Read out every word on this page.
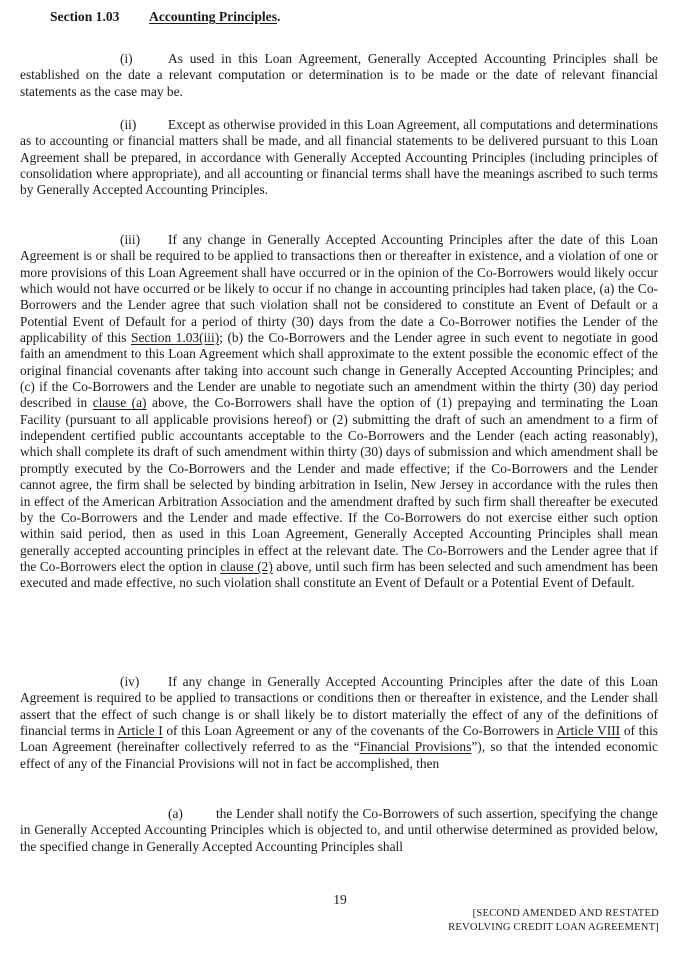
Section 1.03 Accounting Principles.

(i)	As used in this Loan Agreement, Generally Accepted Accounting Principles shall be established on the date a relevant computation or determination is to be made or the date of relevant financial statements as the case may be.

(ii) Except as otherwise provided in this Loan Agreement, all computations and determinations as to accounting or financial matters shall be made, and all financial statements to be delivered pursuant to this Loan Agreement shall be prepared, in accordance with Generally Accepted Accounting Principles (including principles of consolidation where appropriate), and all accounting or financial terms shall have the meanings ascribed to such terms by Generally Accepted Accounting Principles.

(iii) If any change in Generally Accepted Accounting Principles after the date of this Loan Agreement is or shall be required to be applied to transactions then or thereafter in existence, and a violation of one or more provisions of this Loan Agreement shall have occurred or in the opinion of the Co-Borrowers would likely occur which would not have occurred or be likely to occur if no change in accounting principles had taken place, (a) the Co-Borrowers and the Lender agree that such violation shall not be considered to constitute an Event of Default or a Potential Event of Default for a period of thirty (30) days from the date a Co-Borrower notifies the Lender of the applicability of this Section 1.03(iii); (b) the Co-Borrowers and the Lender agree in such event to negotiate in good faith an amendment to this Loan Agreement which shall approximate to the extent possible the economic effect of the original financial covenants after taking into account such change in Generally Accepted Accounting Principles; and (c) if the Co-Borrowers and the Lender are unable to negotiate such an amendment within the thirty (30) day period described in clause (a) above, the Co-Borrowers shall have the option of (1) prepaying and terminating the Loan Facility (pursuant to all applicable provisions hereof) or (2) submitting the draft of such an amendment to a firm of independent certified public accountants acceptable to the Co-Borrowers and the Lender (each acting reasonably), which shall complete its draft of such amendment within thirty (30) days of submission and which amendment shall be promptly executed by the Co-Borrowers and the Lender and made effective; if the Co-Borrowers and the Lender cannot agree, the firm shall be selected by binding arbitration in Iselin, New Jersey in accordance with the rules then in effect of the American Arbitration Association and the amendment drafted by such firm shall thereafter be executed by the Co-Borrowers and the Lender and made effective. If the Co-Borrowers do not exercise either such option within said period, then as used in this Loan Agreement, Generally Accepted Accounting Principles shall mean generally accepted accounting principles in effect at the relevant date. The Co-Borrowers and the Lender agree that if the Co-Borrowers elect the option in clause (2) above, until such firm has been selected and such amendment has been executed and made effective, no such violation shall constitute an Event of Default or a Potential Event of Default.

(iv) If any change in Generally Accepted Accounting Principles after the date of this Loan Agreement is required to be applied to transactions or conditions then or thereafter in existence, and the Lender shall assert that the effect of such change is or shall likely be to distort materially the effect of any of the definitions of financial terms in Article I of this Loan Agreement or any of the covenants of the Co-Borrowers in Article VIII of this Loan Agreement (hereinafter collectively referred to as the “Financial Provisions”), so that the intended economic effect of any of the Financial Provisions will not in fact be accomplished, then

(a) the Lender shall notify the Co-Borrowers of such assertion, specifying the change in Generally Accepted Accounting Principles which is objected to, and until otherwise determined as provided below, the specified change in Generally Accepted Accounting Principles shall

19
[SECOND AMENDED AND RESTATED
REVOLVING CREDIT LOAN AGREEMENT]
